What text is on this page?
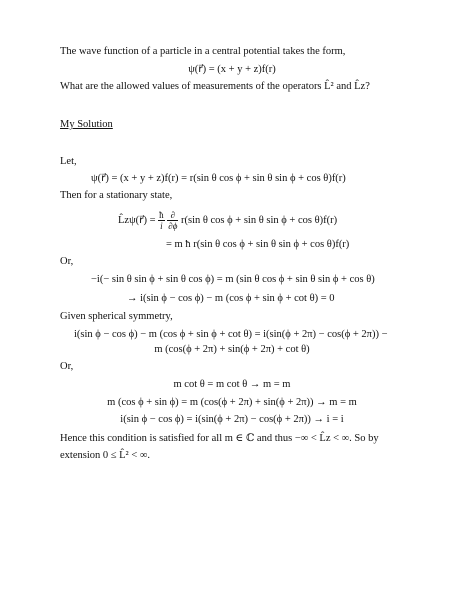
The wave function of a particle in a central potential takes the form,
ψ(r⃗) = (x + y + z)f(r)
What are the allowed values of measurements of the operators L̂² and L̂z?
My Solution
Let,
ψ(r⃗) = (x + y + z)f(r) = r(sin θ cos ϕ + sin θ sin ϕ + cos θ)f(r)
Then for a stationary state,
L̂zψ(r⃗) = $\frac{ħ}{i}$
$\frac{\partial}{\partial\phi} r(\sin$ θ cos ϕ + sin θ sin ϕ + cos θ)f(r)
= m ħ r(sin θ cos ϕ + sin θ sin ϕ + cos θ)f(r)
Or,
−i(− sin θ sin ϕ + sin θ cos ϕ) = m (sin θ cos ϕ + sin θ sin ϕ + cos θ)
→ i(sin ϕ − cos ϕ) − m (cos ϕ + sin ϕ + cot θ) = 0
Given spherical symmetry,
i(sin ϕ − cos ϕ) − m (cos ϕ + sin ϕ + cot θ) = i(sin(ϕ + 2π) − cos(ϕ + 2π)) −
m (cos(ϕ + 2π) + sin(ϕ + 2π) + cot θ)
Or,
m cot θ = m cot θ → m = m
m (cos ϕ + sin ϕ) = m (cos(ϕ + 2π) + sin(ϕ + 2π)) → m = m
i(sin ϕ − cos ϕ) = i(sin(ϕ + 2π) − cos(ϕ + 2π)) → i = i
Hence this condition is satisfied for all m ∈ ℂ and thus −∞ < L̂z < ∞. So by
extension 0 ≤ L̂² < ∞.
